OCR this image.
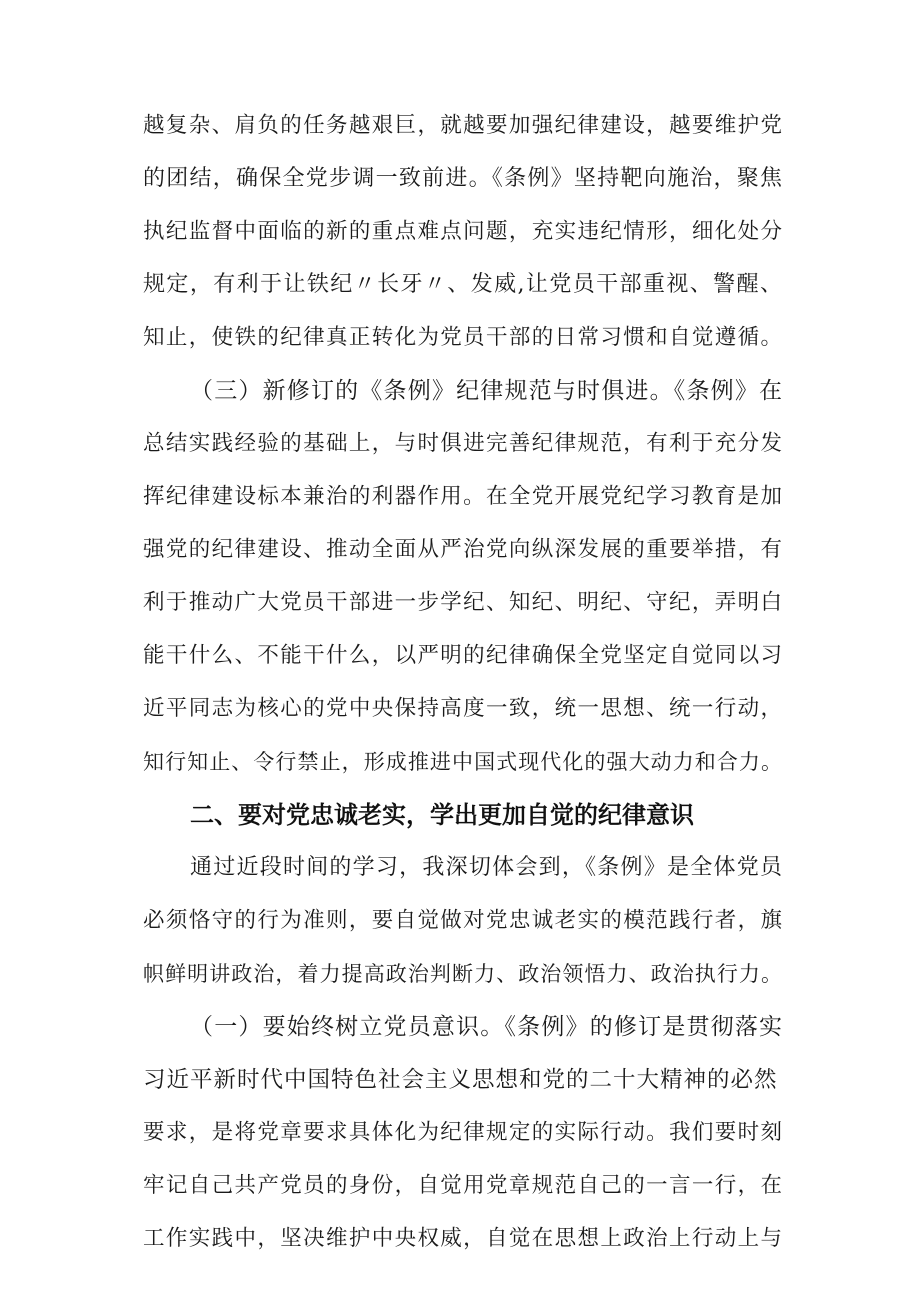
越复杂、肩负的任务越艰巨，就越要加强纪律建设，越要维护党

的团结，确保全党步调一致前进。《条例》坚持靶向施治，聚焦

执纪监督中面临的新的重点难点问题，充实违纪情形，细化处分

规定，有利于让铁纪〃长牙〃、发威,让党员干部重视、警醒、

知止，使铁的纪律真正转化为党员干部的日常习惯和自觉遵循。

（三）新修订的《条例》纪律规范与时俱进。《条例》在

总结实践经验的基础上，与时俱进完善纪律规范，有利于充分发

挥纪律建设标本兼治的利器作用。在全党开展党纪学习教育是加

强党的纪律建设、推动全面从严治党向纵深发展的重要举措，有

利于推动广大党员干部进一步学纪、知纪、明纪、守纪，弄明白

能干什么、不能干什么，以严明的纪律确保全党坚定自觉同以习

近平同志为核心的党中央保持高度一致，统一思想、统一行动，

知行知止、令行禁止，形成推进中国式现代化的强大动力和合力。

二、要对党忠诚老实，学出更加自觉的纪律意识

通过近段时间的学习，我深切体会到，《条例》是全体党员

必须恪守的行为准则，要自觉做对党忠诚老实的模范践行者，旗

帜鲜明讲政治，着力提高政治判断力、政治领悟力、政治执行力。

（一）要始终树立党员意识。《条例》的修订是贯彻落实

习近平新时代中国特色社会主义思想和党的二十大精神的必然

要求，是将党章要求具体化为纪律规定的实际行动。我们要时刻

牢记自己共产党员的身份，自觉用党章规范自己的一言一行，在

工作实践中，坚决维护中央权威，自觉在思想上政治上行动上与
